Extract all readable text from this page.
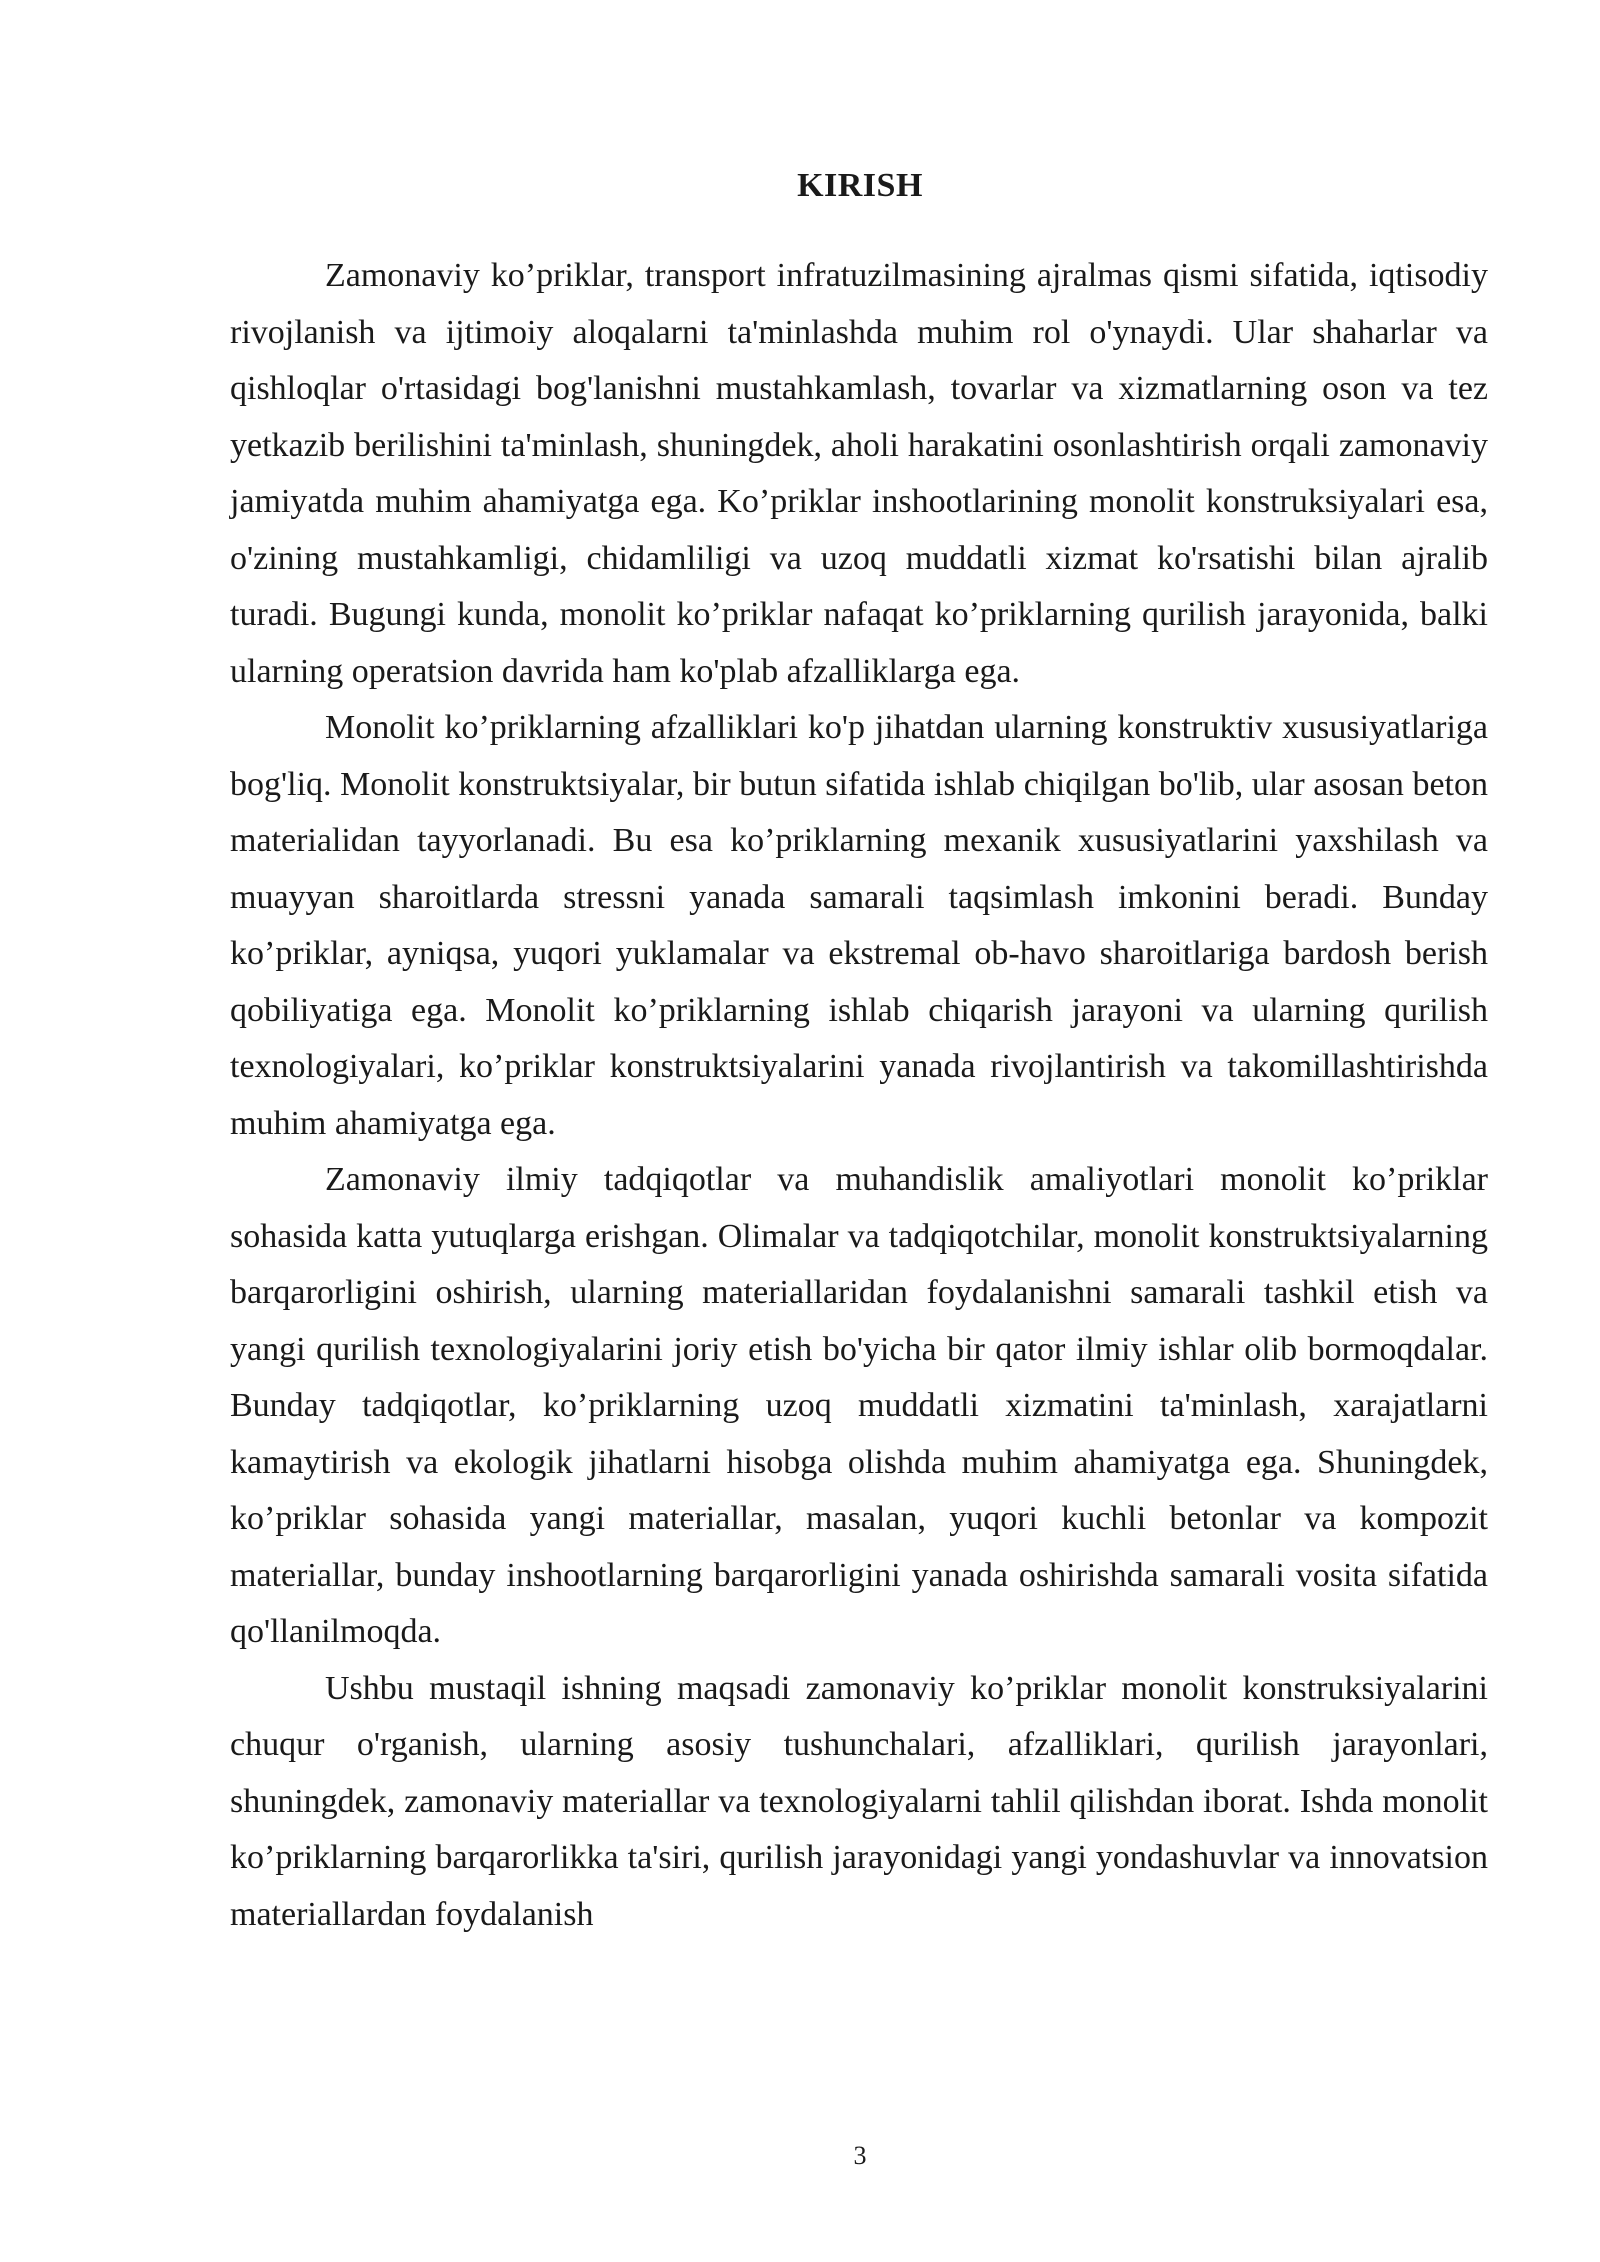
KIRISH

Zamonaviy ko’priklar, transport infratuzilmasining ajralmas qismi sifatida, iqtisodiy rivojlanish va ijtimoiy aloqalarni ta'minlashda muhim rol o'ynaydi. Ular shaharlar va qishloqlar o'rtasidagi bog'lanishni mustahkamlash, tovarlar va xizmatlarning oson va tez yetkazib berilishini ta'minlash, shuningdek, aholi harakatini osonlashtirish orqali zamonaviy jamiyatda muhim ahamiyatga ega. Ko’priklar inshootlarining monolit konstruksiyalari esa, o'zining mustahkamligi, chidamliligi va uzoq muddatli xizmat ko'rsatishi bilan ajralib turadi. Bugungi kunda, monolit ko’priklar nafaqat ko’priklarning qurilish jarayonida, balki ularning operatsion davrida ham ko'plab afzalliklarga ega.

Monolit ko’priklarning afzalliklari ko'p jihatdan ularning konstruktiv xususiyatlariga bog'liq. Monolit konstruktsiyalar, bir butun sifatida ishlab chiqilgan bo'lib, ular asosan beton materialidan tayyorlanadi. Bu esa ko’priklarning mexanik xususiyatlarini yaxshilash va muayyan sharoitlarda stressni yanada samarali taqsimlash imkonini beradi. Bunday ko’priklar, ayniqsa, yuqori yuklamalar va ekstremal ob-havo sharoitlariga bardosh berish qobiliyatiga ega. Monolit ko’priklarning ishlab chiqarish jarayoni va ularning qurilish texnologiyalari, ko’priklar konstruktsiyalarini yanada rivojlantirish va takomillashtirishda muhim ahamiyatga ega.

Zamonaviy ilmiy tadqiqotlar va muhandislik amaliyotlari monolit ko’priklar sohasida katta yutuqlarga erishgan. Olimalar va tadqiqotchilar, monolit konstruktsiyalarning barqarorligini oshirish, ularning materiallaridan foydalanishni samarali tashkil etish va yangi qurilish texnologiyalarini joriy etish bo'yicha bir qator ilmiy ishlar olib bormoqdalar. Bunday tadqiqotlar, ko’priklarning uzoq muddatli xizmatini ta'minlash, xarajatlarni kamaytirish va ekologik jihatlarni hisobga olishda muhim ahamiyatga ega. Shuningdek, ko’priklar sohasida yangi materiallar, masalan, yuqori kuchli betonlar va kompozit materiallar, bunday inshootlarning barqarorligini yanada oshirishda samarali vosita sifatida qo'llanilmoqda.

Ushbu mustaqil ishning maqsadi zamonaviy ko’priklar monolit konstruksiyalarini chuqur o'rganish, ularning asosiy tushunchalari, afzalliklari, qurilish jarayonlari, shuningdek, zamonaviy materiallar va texnologiyalarni tahlil qilishdan iborat. Ishda monolit ko’priklarning barqarorlikka ta'siri, qurilish jarayonidagi yangi yondashuvlar va innovatsion materiallardan foydalanish

3
